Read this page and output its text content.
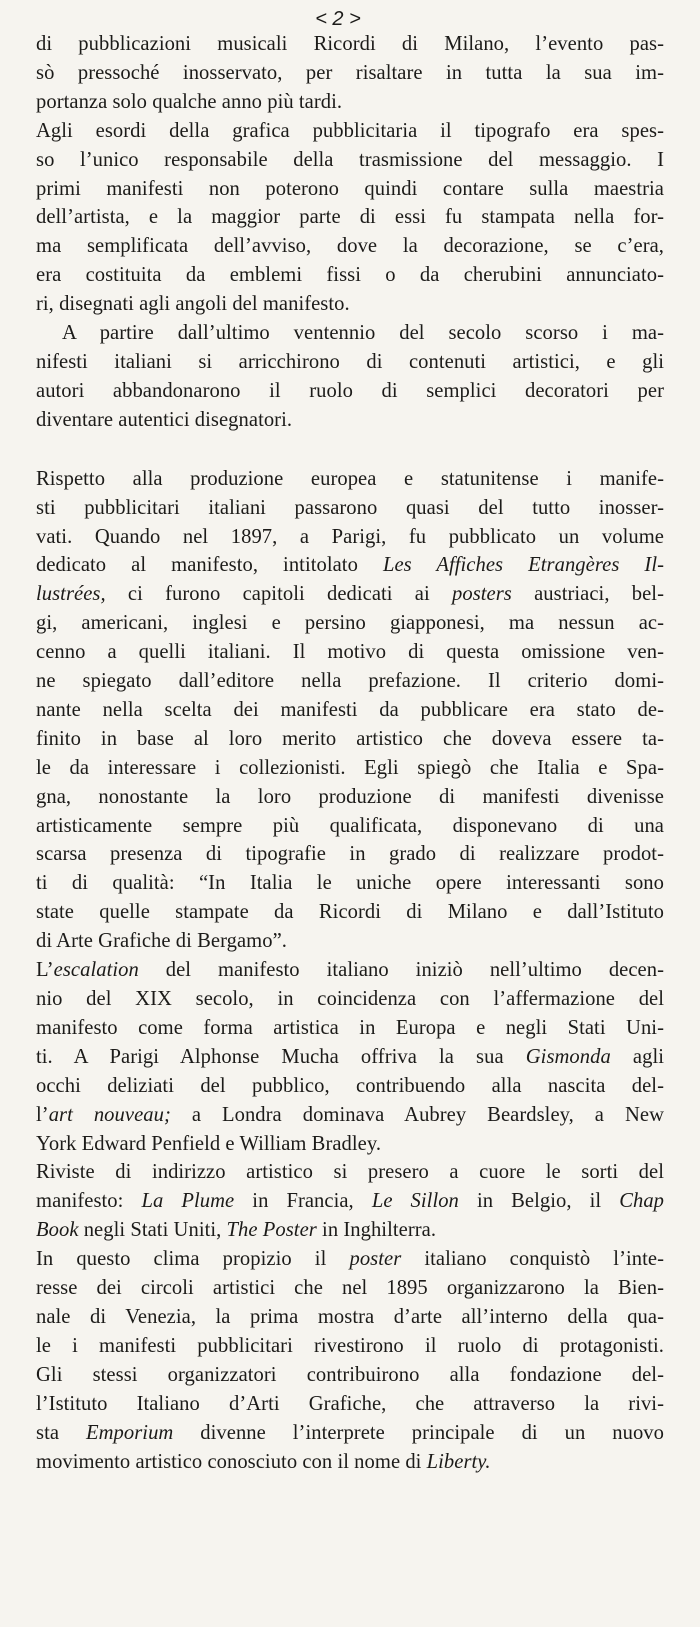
< 2 >

di pubblicazioni musicali Ricordi di Milano, l’evento pas-
sò pressoché inosservato, per risaltare in tutta la sua im-
portanza solo qualche anno più tardi.

Agli esordi della grafica pubblicitaria il tipografo era spes-
so l’unico responsabile della trasmissione del messaggio. I
primi manifesti non poterono quindi contare sulla maestria
dell’artista, e la maggior parte di essi fu stampata nella for-
ma semplificata dell’avviso, dove la decorazione, se c’era,
era costituita da emblemi fissi o da cherubini annunciato-
ri, disegnati agli angoli del manifesto.

A partire dall’ultimo ventennio del secolo scorso i ma-
nifesti italiani si arricchirono di contenuti artistici, e gli
autori abbandonarono il ruolo di semplici decoratori per
diventare autentici disegnatori.

Rispetto alla produzione europea e statunitense i manife-
sti pubblicitari italiani passarono quasi del tutto inosser-
vati. Quando nel 1897, a Parigi, fu pubblicato un volume
dedicato al manifesto, intitolato Les Affiches Etrangères Il-
lustrées, ci furono capitoli dedicati ai posters austriaci, bel-
gi, americani, inglesi e persino giapponesi, ma nessun ac-
cenno a quelli italiani. Il motivo di questa omissione ven-
ne spiegato dall’editore nella prefazione. Il criterio domi-
nante nella scelta dei manifesti da pubblicare era stato de-
finito in base al loro merito artistico che doveva essere ta-
le da interessare i collezionisti. Egli spiegò che Italia e Spa-
gna, nonostante la loro produzione di manifesti divenisse
artisticamente sempre più qualificata, disponevano di una
scarsa presenza di tipografie in grado di realizzare prodot-
ti di qualità: “In Italia le uniche opere interessanti sono
state quelle stampate da Ricordi di Milano e dall’Istituto
di Arte Grafiche di Bergamo”.

L’escalation del manifesto italiano iniziò nell’ultimo decen-
nio del XIX secolo, in coincidenza con l’affermazione del
manifesto come forma artistica in Europa e negli Stati Uni-
ti. A Parigi Alphonse Mucha offriva la sua Gismonda agli
occhi deliziati del pubblico, contribuendo alla nascita del-
l’art nouveau; a Londra dominava Aubrey Beardsley, a New
York Edward Penfield e William Bradley.

Riviste di indirizzo artistico si presero a cuore le sorti del
manifesto: La Plume in Francia, Le Sillon in Belgio, il Chap
Book negli Stati Uniti, The Poster in Inghilterra.

In questo clima propizio il poster italiano conquistò l’inte-
resse dei circoli artistici che nel 1895 organizzarono la Bien-
nale di Venezia, la prima mostra d’arte all’interno della qua-
le i manifesti pubblicitari rivestirono il ruolo di protagonisti.
Gli stessi organizzatori contribuirono alla fondazione del-
l’Istituto Italiano d’Arti Grafiche, che attraverso la rivi-
sta Emporium divenne l’interprete principale di un nuovo
movimento artistico conosciuto con il nome di Liberty.
